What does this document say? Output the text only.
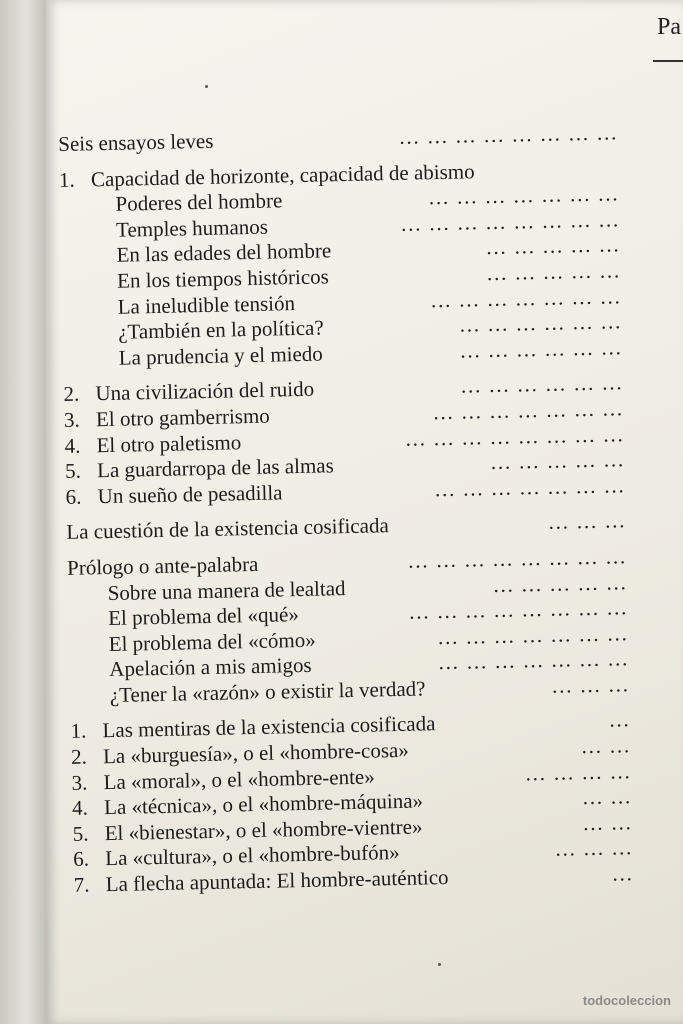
Pa
Seis ensayos leves	… … … … … … … …
1. Capacidad de horizonte, capacidad de abismo
Poderes del hombre	… … … … … … …
Temples humanos	… … … … … … … …
En las edades del hombre	… … … … …
En los tiempos históricos	… … … … …
La ineludible tensión	… … … … … … …
¿También en la política?	… … … … … …
La prudencia y el miedo	… … … … … …
2. Una civilización del ruido	… … … … … …
3. El otro gamberrismo	… … … … … … …
4. El otro paletismo	… … … … … … … …
5. La guardarropa de las almas	… … … … …
6. Un sueño de pesadilla	… … … … … … …
La cuestión de la existencia cosificada	… … …
Prólogo o ante-palabra	… … … … … … … …
Sobre una manera de lealtad	… … … … …
El problema del «qué»	… … … … … … … …
El problema del «cómo»	… … … … … … …
Apelación a mis amigos	… … … … … … …
¿Tener la «razón» o existir la verdad?	… … …
1. Las mentiras de la existencia cosificada	…
2. La «burguesía», o el «hombre-cosa»	… …
3. La «moral», o el «hombre-ente»	… … … …
4. La «técnica», o el «hombre-máquina»	… …
5. El «bienestar», o el «hombre-vientre»	… …
6. La «cultura», o el «hombre-bufón»	… … …
7. La flecha apuntada: El hombre-auténtico	…
todocoleccion
